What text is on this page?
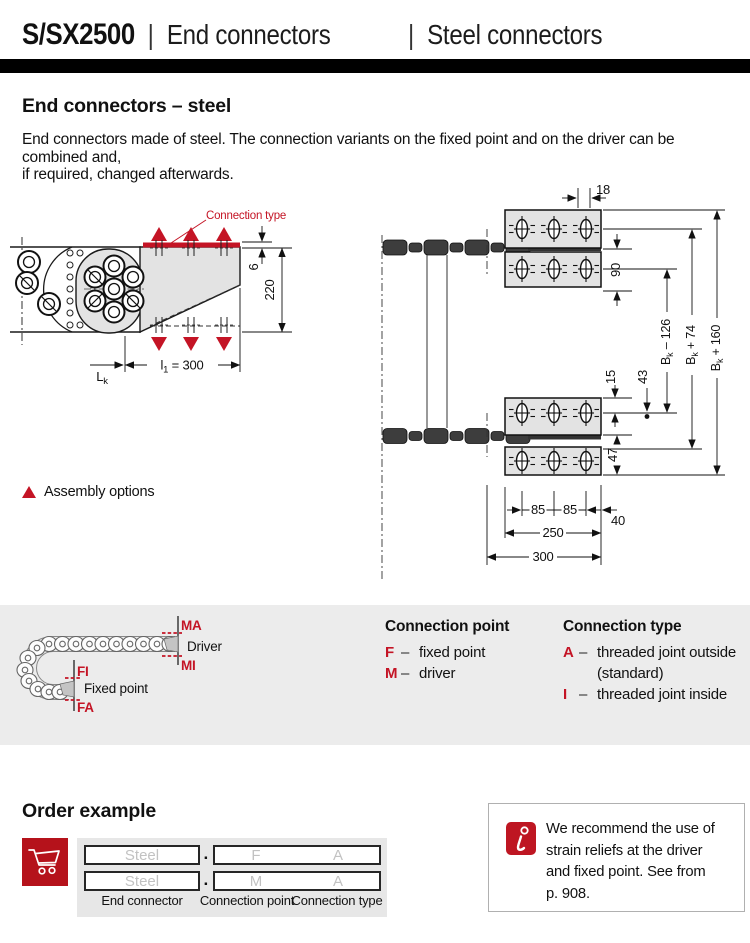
S/SX2500 | End connectors	| Steel connectors
End connectors – steel
End connectors made of steel. The connection variants on the fixed point and on the driver can be combined and,
if required, changed afterwards.
Connection type
6
220
$l_1 = 300$
$L_k$
18
90
$B_k - 126$
$B_k + 74$
$B_k + 160$
15 43
47
85 85
40
250
300
Assembly options
MA
Driver
MI
FI
Fixed point
FA
Connection point
F – fixed point
M – driver
Connection type
A – threaded joint outside
(standard)
I – threaded joint inside
Order example
Steel	.	F	A
Steel	.	M	A
End connector Connection point
Connection type
We recommend the use of
strain reliefs at the driver
and fixed point. See from
p. 908.
